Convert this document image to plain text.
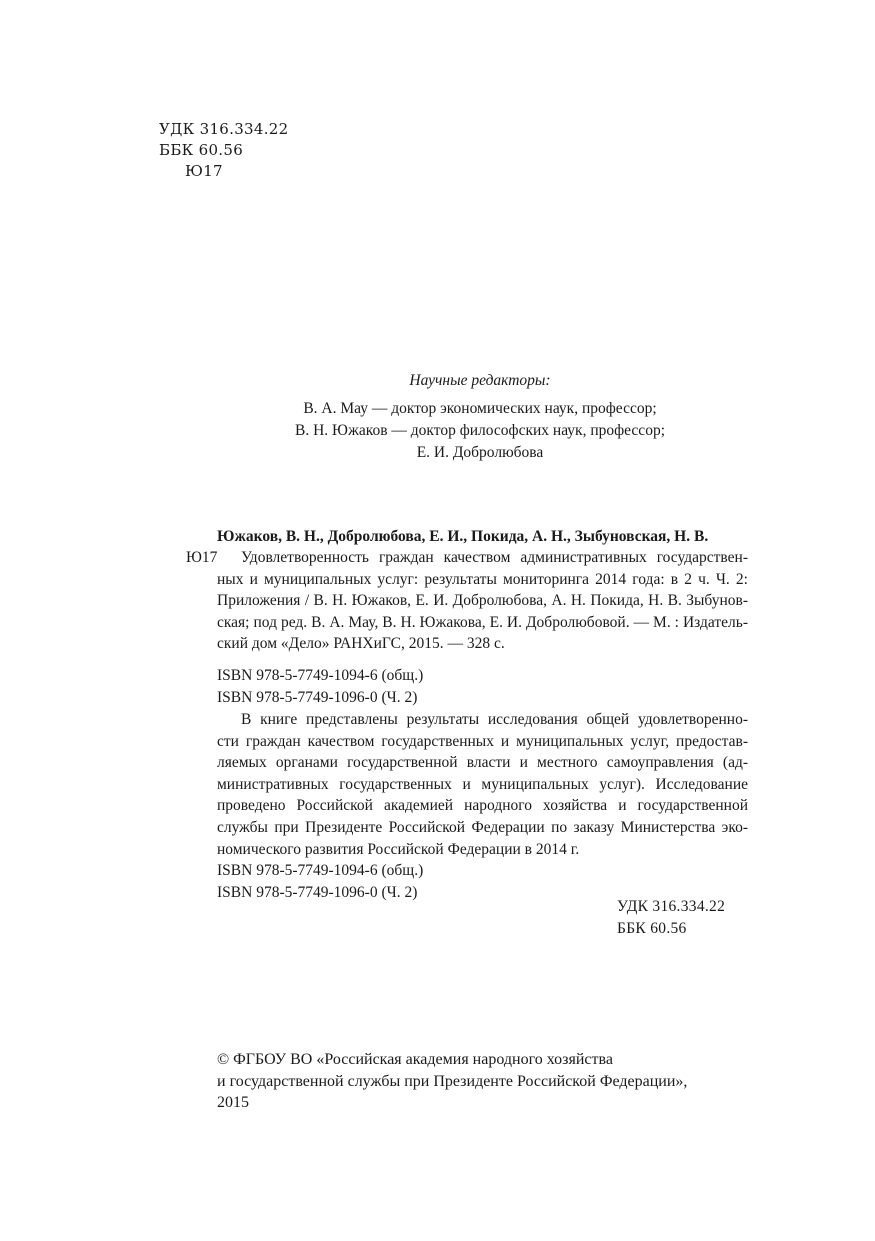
УДК 316.334.22
ББК 60.56
Ю17
Научные редакторы:
В. А. Мау — доктор экономических наук, профессор;
В. Н. Южаков — доктор философских наук, профессор;
Е. И. Добролюбова
Южаков, В. Н., Добролюбова, Е. И., Покида, А. Н., Зыбуновская, Н. В.
Ю17	Удовлетворенность граждан качеством административных государствен-
ных и муниципальных услуг: результаты мониторинга 2014 года: в 2 ч. Ч. 2:
Приложения / В. Н. Южаков, Е. И. Добролюбова, А. Н. Покида, Н. В. Зыбунов-
ская; под ред. В. А. Мау, В. Н. Южакова, Е. И. Добролюбовой. — М. : Издатель-
ский дом «Дело» РАНХиГС, 2015. — 328 с.
ISBN 978-5-7749-1094-6 (общ.)
ISBN 978-5-7749-1096-0 (Ч. 2)
В книге представлены результаты исследования общей удовлетворенно-
сти граждан качеством государственных и муниципальных услуг, предостав-
ляемых органами государственной власти и местного самоуправления (ад-
министративных государственных и муниципальных услуг). Исследование
проведено Российской академией народного хозяйства и государственной
службы при Президенте Российской Федерации по заказу Министерства эко-
номического развития Российской Федерации в 2014 г.
ISBN 978-5-7749-1094-6 (общ.)
ISBN 978-5-7749-1096-0 (Ч. 2)
УДК 316.334.22
ББК 60.56
© ФГБОУ ВО «Российская академия народного хозяйства
и государственной службы при Президенте Российской Федерации»,
2015
